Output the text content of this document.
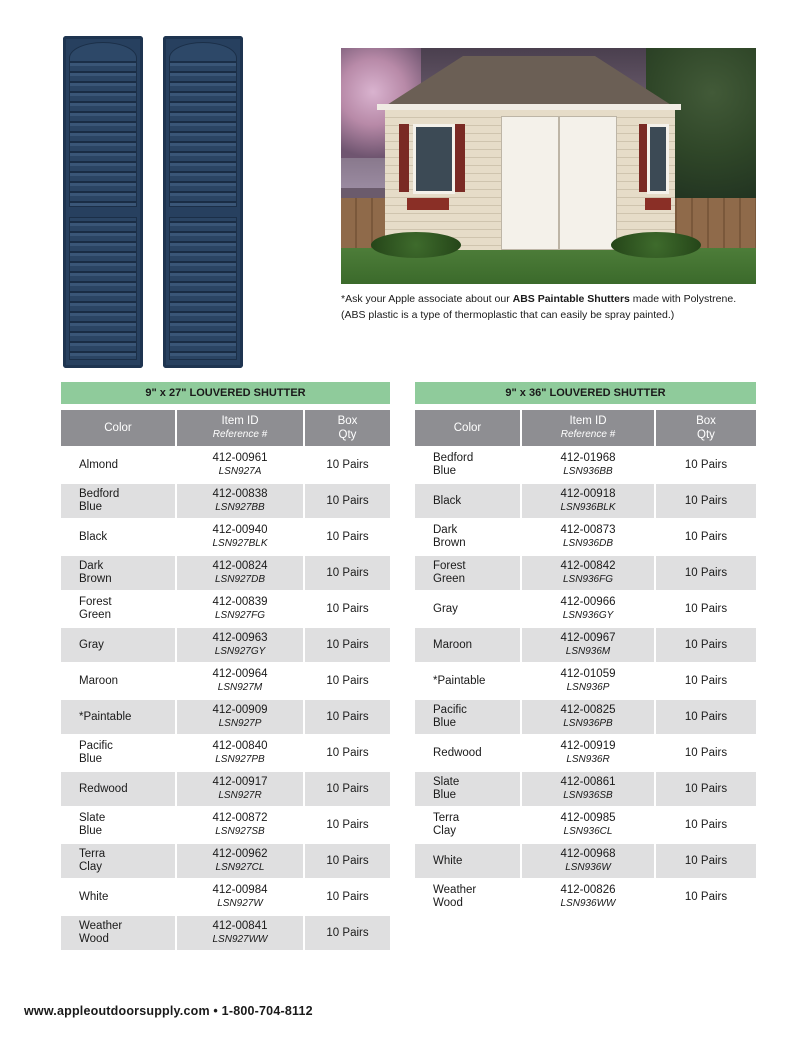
*Ask your Apple associate about our ABS Paintable Shutters made with Polystrene.
(ABS plastic is a type of thermoplastic that can easily be spray painted.)
9" x 27" LOUVERED SHUTTER
Color
Item ID
Reference #
Box
Qty
Almond
412-00961
LSN927A
10 Pairs
Bedford
Blue
412-00838
LSN927BB
10 Pairs
Black
412-00940
LSN927BLK
10 Pairs
Dark
Brown
412-00824
LSN927DB
10 Pairs
Forest
Green
412-00839
LSN927FG
10 Pairs
Gray
412-00963
LSN927GY
10 Pairs
Maroon
412-00964
LSN927M
10 Pairs
*Paintable
412-00909
LSN927P
10 Pairs
Pacific
Blue
412-00840
LSN927PB
10 Pairs
Redwood
412-00917
LSN927R
10 Pairs
Slate
Blue
412-00872
LSN927SB
10 Pairs
Terra
Clay
412-00962
LSN927CL
10 Pairs
White
412-00984
LSN927W
10 Pairs
Weather
Wood
412-00841
LSN927WW
10 Pairs
9" x 36" LOUVERED SHUTTER
Color
Item ID
Reference #
Box
Qty
Bedford
Blue
412-01968
LSN936BB
10 Pairs
Black
412-00918
LSN936BLK
10 Pairs
Dark
Brown
412-00873
LSN936DB
10 Pairs
Forest
Green
412-00842
LSN936FG
10 Pairs
Gray
412-00966
LSN936GY
10 Pairs
Maroon
412-00967
LSN936M
10 Pairs
*Paintable
412-01059
LSN936P
10 Pairs
Pacific
Blue
412-00825
LSN936PB
10 Pairs
Redwood
412-00919
LSN936R
10 Pairs
Slate
Blue
412-00861
LSN936SB
10 Pairs
Terra
Clay
412-00985
LSN936CL
10 Pairs
White
412-00968
LSN936W
10 Pairs
Weather
Wood
412-00826
LSN936WW
10 Pairs
www.appleoutdoorsupply.com • 1-800-704-8112
